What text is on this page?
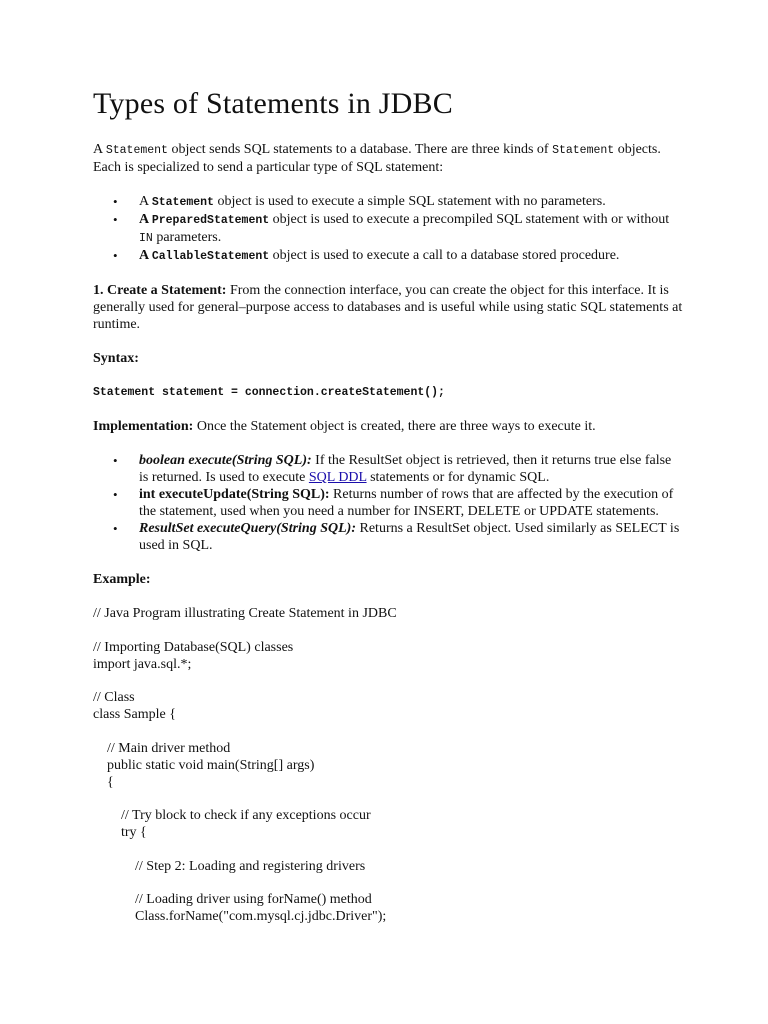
Types of Statements in JDBC

A Statement object sends SQL statements to a database. There are three kinds of Statement objects. Each is specialized to send a particular type of SQL statement:

• A Statement object is used to execute a simple SQL statement with no parameters.
• A PreparedStatement object is used to execute a precompiled SQL statement with or without IN parameters.
• A CallableStatement object is used to execute a call to a database stored procedure.

1. Create a Statement: From the connection interface, you can create the object for this interface. It is generally used for general–purpose access to databases and is useful while using static SQL statements at runtime.

Syntax:

Statement statement = connection.createStatement();

Implementation: Once the Statement object is created, there are three ways to execute it.

• boolean execute(String SQL): If the ResultSet object is retrieved, then it returns true else false is returned. Is used to execute SQL DDL statements or for dynamic SQL.
• int executeUpdate(String SQL): Returns number of rows that are affected by the execution of the statement, used when you need a number for INSERT, DELETE or UPDATE statements.
• ResultSet executeQuery(String SQL): Returns a ResultSet object. Used similarly as SELECT is used in SQL.

Example:

// Java Program illustrating Create Statement in JDBC
// Importing Database(SQL) classes
import java.sql.*;
// Class
class Sample {
// Main driver method
public static void main(String[] args)
{
// Try block to check if any exceptions occur
try {
// Step 2: Loading and registering drivers
// Loading driver using forName() method
Class.forName("com.mysql.cj.jdbc.Driver");
